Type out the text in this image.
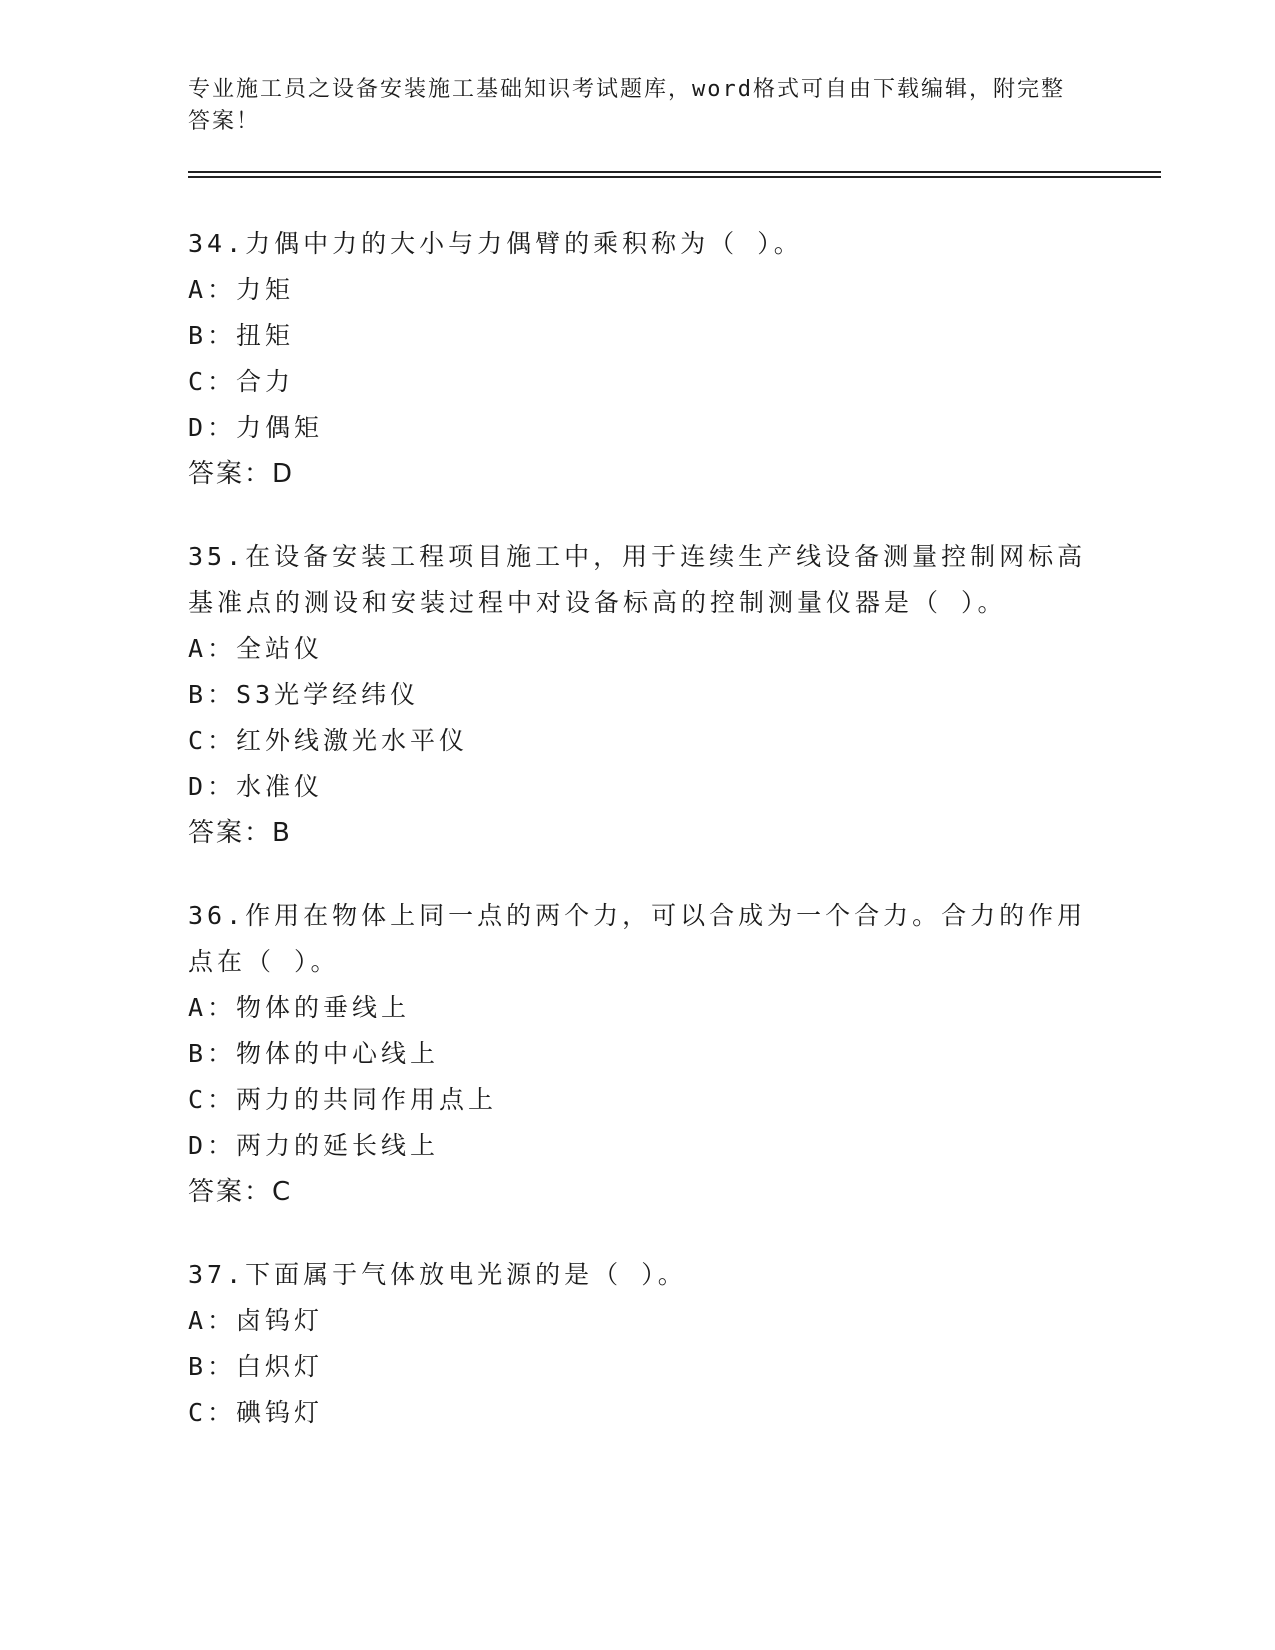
专业施工员之设备安装施工基础知识考试题库，word格式可自由下载编辑，附完整答案！
34.力偶中力的大小与力偶臂的乘积称为（ ）。
A：力矩
B：扭矩
C：合力
D：力偶矩
答案：D
35.在设备安装工程项目施工中，用于连续生产线设备测量控制网标高基准点的测设和安装过程中对设备标高的控制测量仪器是（ ）。
A：全站仪
B：S3光学经纬仪
C：红外线激光水平仪
D：水准仪
答案：B
36.作用在物体上同一点的两个力，可以合成为一个合力。合力的作用点在（ ）。
A：物体的垂线上
B：物体的中心线上
C：两力的共同作用点上
D：两力的延长线上
答案：C
37.下面属于气体放电光源的是（ ）。
A：卤钨灯
B：白炽灯
C：碘钨灯
